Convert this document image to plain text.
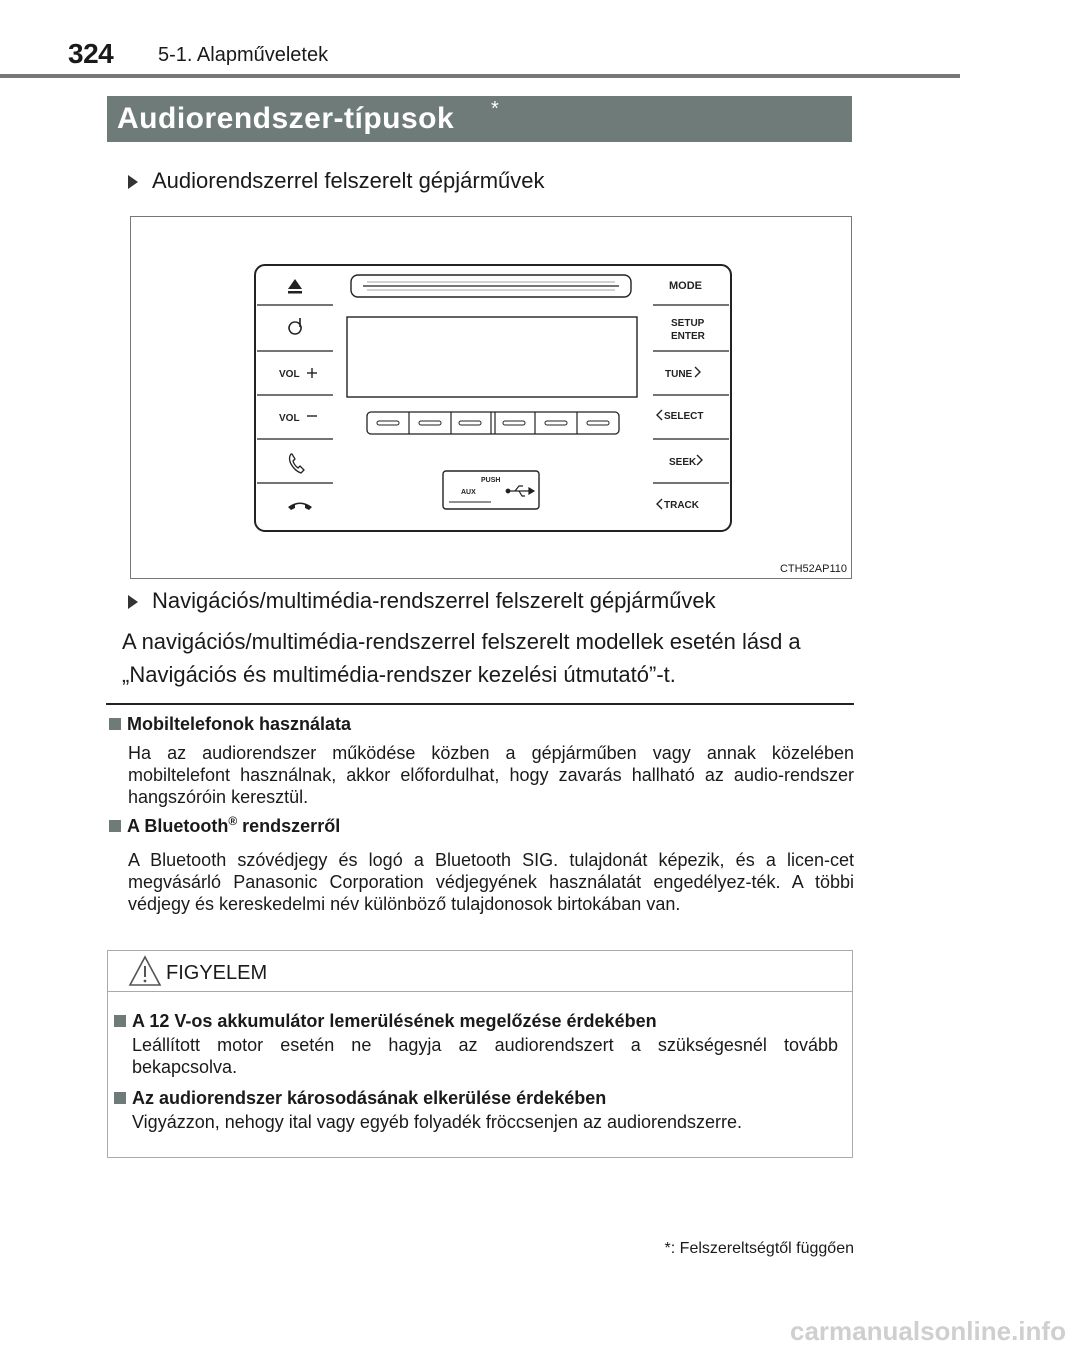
324 5-1. Alapműveletek
Audiorendszer-típusok *
Audiorendszerrel felszerelt gépjárművek
VOL
VOL
MODE
SETUP
ENTER
TUNE
SELECT
SEEK
TRACK
PUSH
AUX
CTH52AP110
Navigációs/multimédia-rendszerrel felszerelt gépjárművek
A navigációs/multimédia-rendszerrel felszerelt modellek esetén lásd a
„Navigációs és multimédia-rendszer kezelési útmutató”-t.
Mobiltelefonok használata
Ha az audiorendszer működése közben a gépjárműben vagy annak közelében mobiltelefont használnak, akkor előfordulhat, hogy zavarás hallható az audio-rendszer hangszóróin keresztül.
A Bluetooth® rendszerről
A Bluetooth szóvédjegy és logó a Bluetooth SIG. tulajdonát képezik, és a licen-cet megvásárló Panasonic Corporation védjegyének használatát engedélyez-ték. A többi védjegy és kereskedelmi név különböző tulajdonosok birtokában van.
FIGYELEM
A 12 V-os akkumulátor lemerülésének megelőzése érdekében
Leállított motor esetén ne hagyja az audiorendszert a szükségesnél tovább bekapcsolva.
Az audiorendszer károsodásának elkerülése érdekében
Vigyázzon, nehogy ital vagy egyéb folyadék fröccsenjen az audiorendszerre.
*: Felszereltségtől függően
carmanualsonline.info
